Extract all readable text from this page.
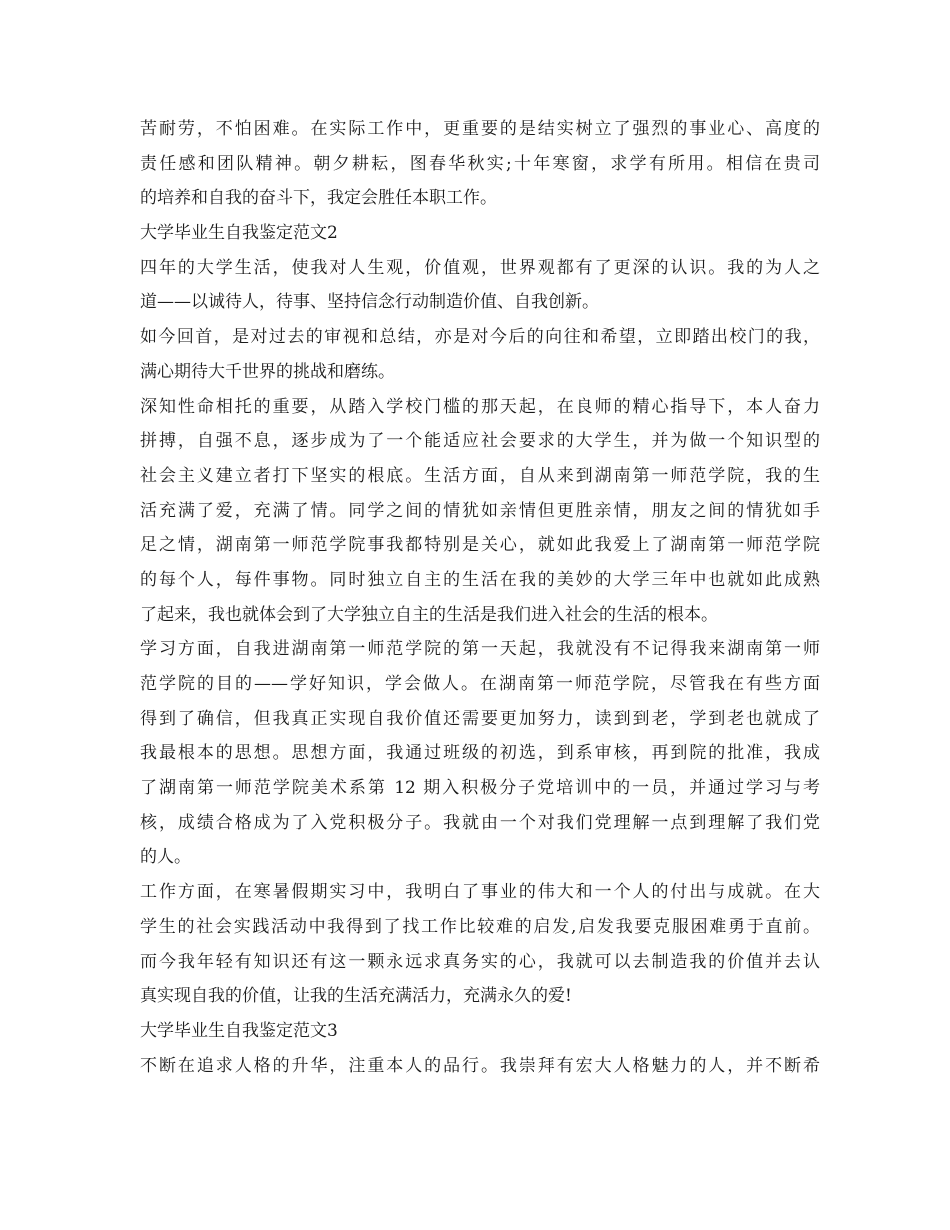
苦耐劳，不怕困难。在实际工作中，更重要的是结实树立了强烈的事业心、高度的
责任感和团队精神。朝夕耕耘，图春华秋实;十年寒窗，求学有所用。相信在贵司
的培养和自我的奋斗下，我定会胜任本职工作。
大学毕业生自我鉴定范文2
四年的大学生活，使我对人生观，价值观，世界观都有了更深的认识。我的为人之
道——以诚待人，待事、坚持信念行动制造价值、自我创新。
如今回首，是对过去的审视和总结，亦是对今后的向往和希望，立即踏出校门的我，
满心期待大千世界的挑战和磨练。
深知性命相托的重要，从踏入学校门槛的那天起，在良师的精心指导下，本人奋力
拼搏，自强不息，逐步成为了一个能适应社会要求的大学生，并为做一个知识型的
社会主义建立者打下坚实的根底。生活方面，自从来到湖南第一师范学院，我的生
活充满了爱，充满了情。同学之间的情犹如亲情但更胜亲情，朋友之间的情犹如手
足之情，湖南第一师范学院事我都特别是关心，就如此我爱上了湖南第一师范学院
的每个人，每件事物。同时独立自主的生活在我的美妙的大学三年中也就如此成熟
了起来，我也就体会到了大学独立自主的生活是我们进入社会的生活的根本。
学习方面，自我进湖南第一师范学院的第一天起，我就没有不记得我来湖南第一师
范学院的目的——学好知识，学会做人。在湖南第一师范学院，尽管我在有些方面
得到了确信，但我真正实现自我价值还需要更加努力，读到到老，学到老也就成了
我最根本的思想。思想方面，我通过班级的初选，到系审核，再到院的批准，我成
了湖南第一师范学院美术系第 12 期入积极分子党培训中的一员，并通过学习与考
核，成绩合格成为了入党积极分子。我就由一个对我们党理解一点到理解了我们党
的人。
工作方面，在寒暑假期实习中，我明白了事业的伟大和一个人的付出与成就。在大
学生的社会实践活动中我得到了找工作比较难的启发,启发我要克服困难勇于直前。
而今我年轻有知识还有这一颗永远求真务实的心，我就可以去制造我的价值并去认
真实现自我的价值，让我的生活充满活力，充满永久的爱!
大学毕业生自我鉴定范文3
不断在追求人格的升华，注重本人的品行。我崇拜有宏大人格魅力的人，并不断希
